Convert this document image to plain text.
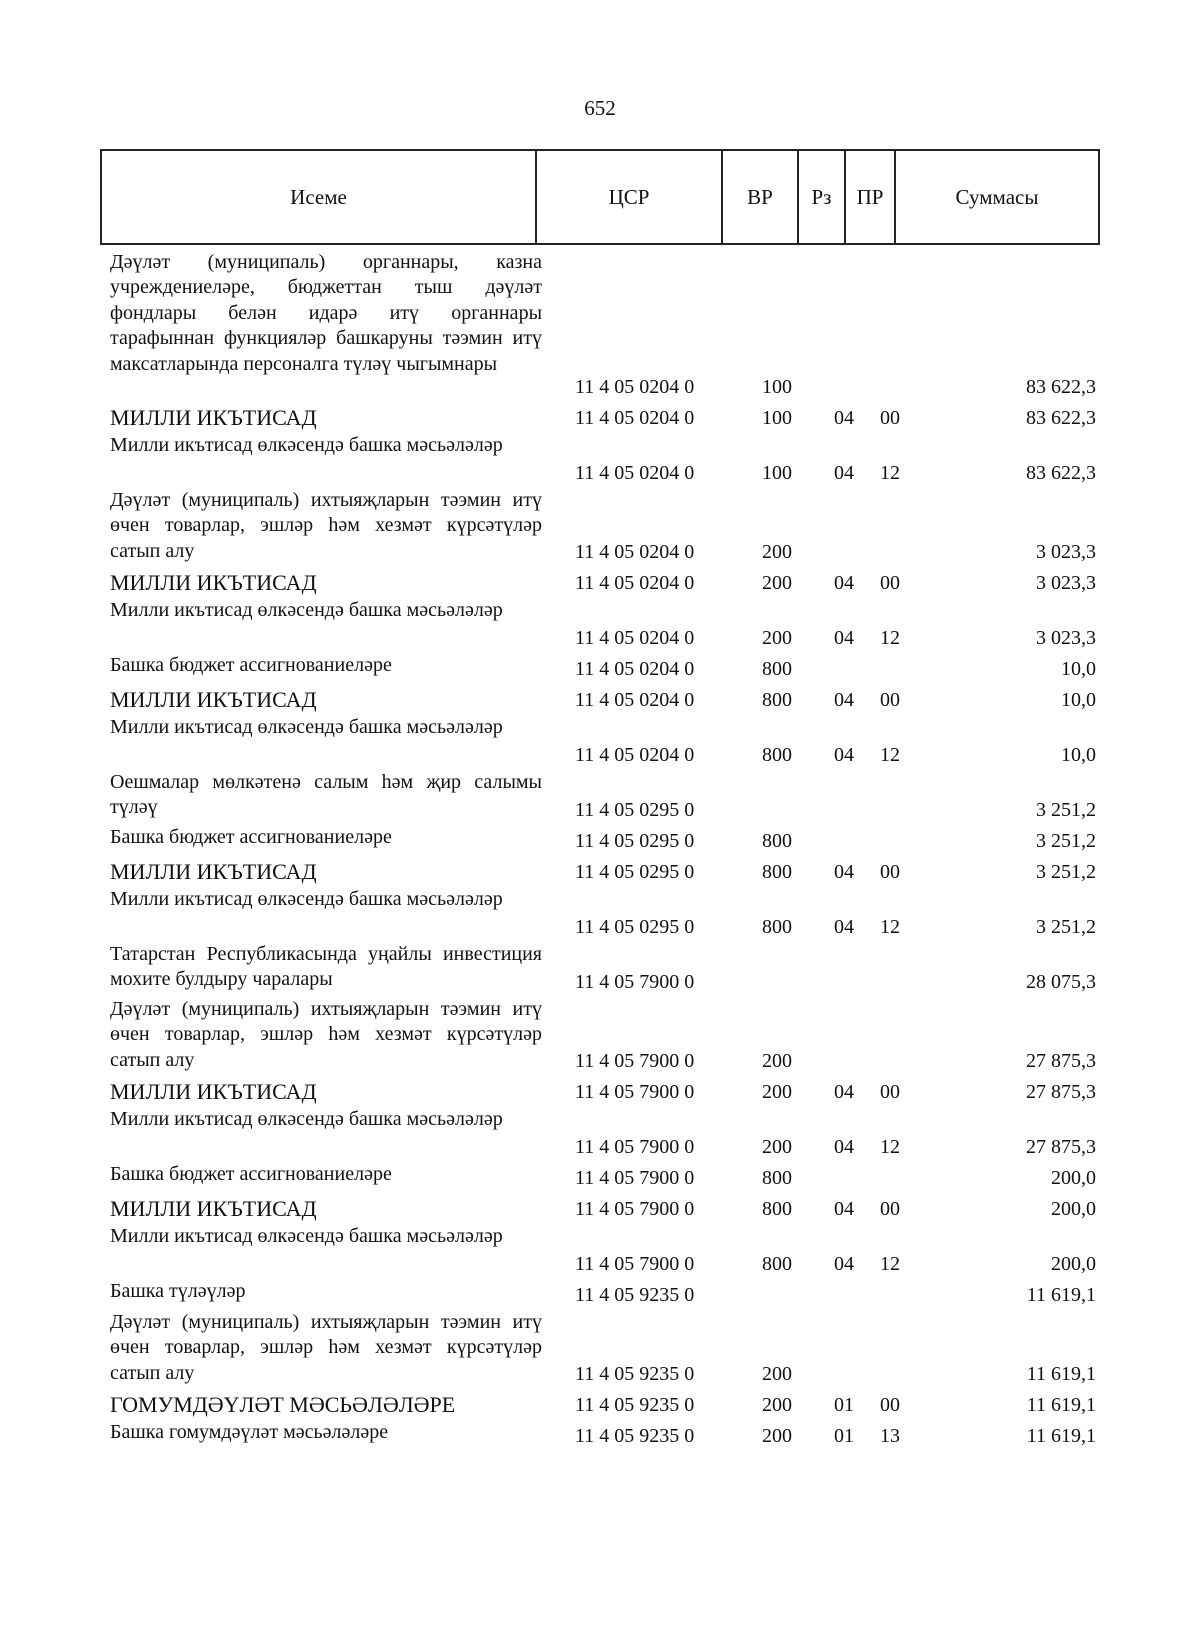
652
Исеме	ЦСР	ВР	Рз	ПР	Суммасы
Дәүләт (муниципаль) органнары, казна учреждениеләре, бюджеттан тыш дәүләт фондлары белән идарә итү органнары тарафыннан функцияләр башкаруны тәэмин итү максатларында персоналга түләү чыгымнары
11 4 05 0204 0	100	83 622,3
МИЛЛИ ИКЪТИСАД	11 4 05 0204 0	100 04 00	83 622,3
Милли икътисад өлкәсендә башка мәсьәләләр
11 4 05 0204 0	100 04 12	83 622,3
Дәүләт (муниципаль) ихтыяҗларын тәэмин итү өчен товарлар, эшләр һәм хезмәт күрсәтүләр сатып алу	11 4 05 0204 0	200	3 023,3
МИЛЛИ ИКЪТИСАД	11 4 05 0204 0	200 04 00	3 023,3
Милли икътисад өлкәсендә башка мәсьәләләр
11 4 05 0204 0	200 04 12	3 023,3
Башка бюджет ассигнованиеләре	11 4 05 0204 0	800	10,0
МИЛЛИ ИКЪТИСАД	11 4 05 0204 0	800 04 00	10,0
Милли икътисад өлкәсендә башка мәсьәләләр
11 4 05 0204 0	800 04 12	10,0
Оешмалар мөлкәтенә салым һәм җир салымы түләү	11 4 05 0295 0	3 251,2
Башка бюджет ассигнованиеләре	11 4 05 0295 0	800	3 251,2
МИЛЛИ ИКЪТИСАД	11 4 05 0295 0	800 04 00	3 251,2
Милли икътисад өлкәсендә башка мәсьәләләр
11 4 05 0295 0	800 04 12	3 251,2
Татарстан Республикасында уңайлы инвестиция мохите булдыру чаралары	11 4 05 7900 0	28 075,3
Дәүләт (муниципаль) ихтыяҗларын тәэмин итү өчен товарлар, эшләр һәм хезмәт күрсәтүләр сатып алу	11 4 05 7900 0	200	27 875,3
МИЛЛИ ИКЪТИСАД	11 4 05 7900 0	200 04 00	27 875,3
Милли икътисад өлкәсендә башка мәсьәләләр
11 4 05 7900 0	200 04 12	27 875,3
Башка бюджет ассигнованиеләре	11 4 05 7900 0	800	200,0
МИЛЛИ ИКЪТИСАД	11 4 05 7900 0	800 04 00	200,0
Милли икътисад өлкәсендә башка мәсьәләләр
11 4 05 7900 0	800 04 12	200,0
Башка түләүләр	11 4 05 9235 0	11 619,1
Дәүләт (муниципаль) ихтыяҗларын тәэмин итү өчен товарлар, эшләр һәм хезмәт күрсәтүләр сатып алу	11 4 05 9235 0	200	11 619,1
ГОМУМДӘҮЛӘТ МӘСЬӘЛӘЛӘРЕ	11 4 05 9235 0	200 01 00	11 619,1
Башка гомумдәүләт мәсьәләләре	11 4 05 9235 0	200 01 13	11 619,1
